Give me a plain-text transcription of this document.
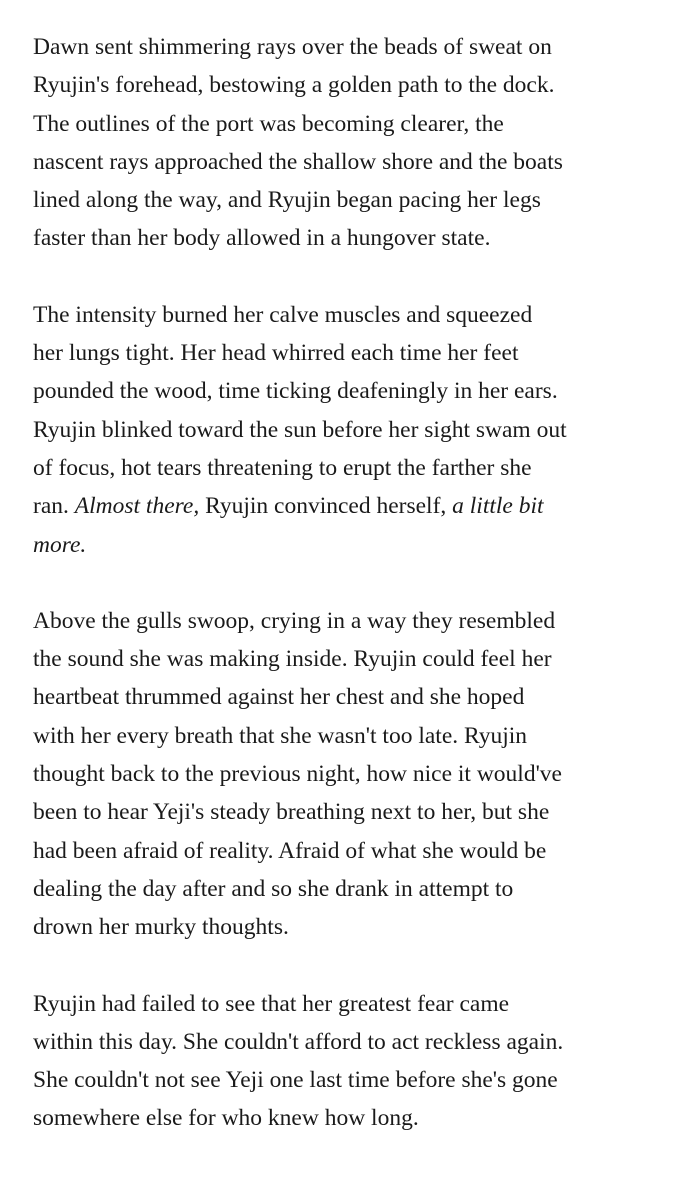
Dawn sent shimmering rays over the beads of sweat on
Ryujin's forehead, bestowing a golden path to the dock.
The outlines of the port was becoming clearer, the
nascent rays approached the shallow shore and the boats
lined along the way, and Ryujin began pacing her legs
faster than her body allowed in a hungover state.

The intensity burned her calve muscles and squeezed
her lungs tight. Her head whirred each time her feet
pounded the wood, time ticking deafeningly in her ears.
Ryujin blinked toward the sun before her sight swam out
of focus, hot tears threatening to erupt the farther she
ran. Almost there, Ryujin convinced herself, a little bit
more.

Above the gulls swoop, crying in a way they resembled
the sound she was making inside. Ryujin could feel her
heartbeat thrummed against her chest and she hoped
with her every breath that she wasn't too late. Ryujin
thought back to the previous night, how nice it would've
been to hear Yeji's steady breathing next to her, but she
had been afraid of reality. Afraid of what she would be
dealing the day after and so she drank in attempt to
drown her murky thoughts.

Ryujin had failed to see that her greatest fear came
within this day. She couldn't afford to act reckless again.
She couldn't not see Yeji one last time before she's gone
somewhere else for who knew how long.
